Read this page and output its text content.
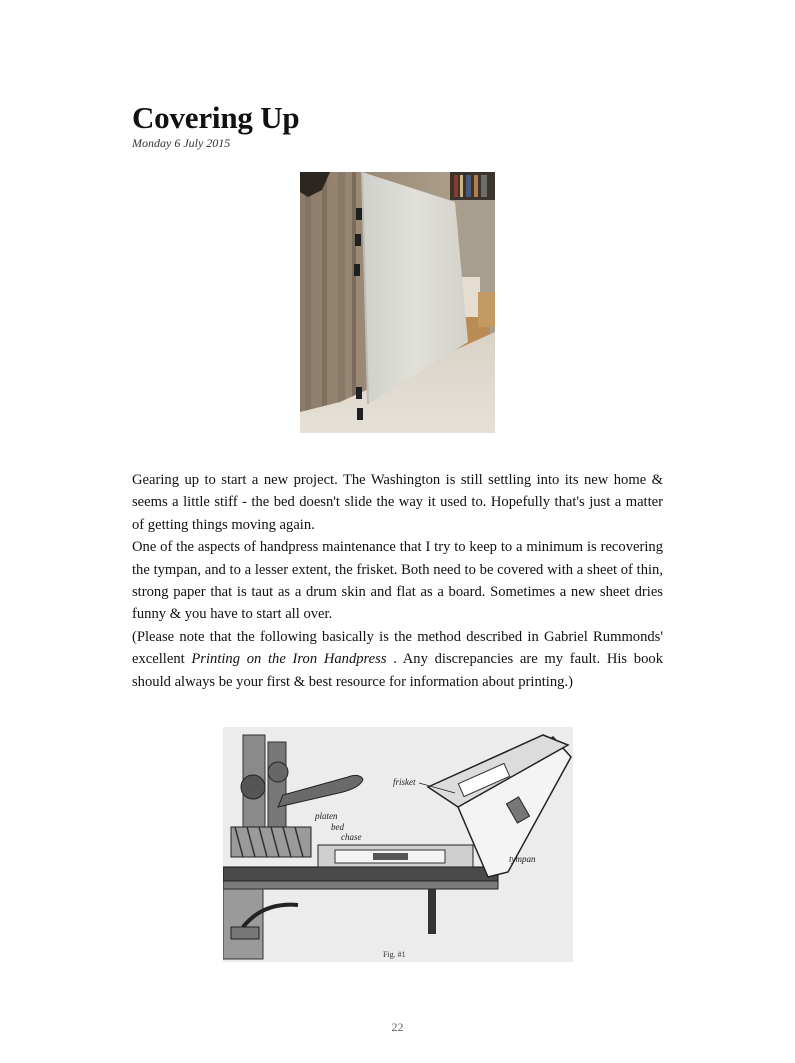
Covering Up
Monday 6 July 2015

Gearing up to start a new project. The Washington is still settling into its new home & seems a little stiff - the bed doesn't slide the way it used to. Hopefully that's just a matter of getting things moving again.

One of the aspects of handpress maintenance that I try to keep to a minimum is recovering the tympan, and to a lesser extent, the frisket. Both need to be covered with a sheet of thin, strong paper that is taut as a drum skin and flat as a board. Sometimes a new sheet dries funny & you have to start all over.

(Please note that the following basically is the method described in Gabriel Rummonds' excellent Printing on the Iron Handpress . Any discrepancies are my fault. His book should always be your first & best resource for information about printing.)

frisket
platen
bed
chase
tympan
Fig. #1
22
